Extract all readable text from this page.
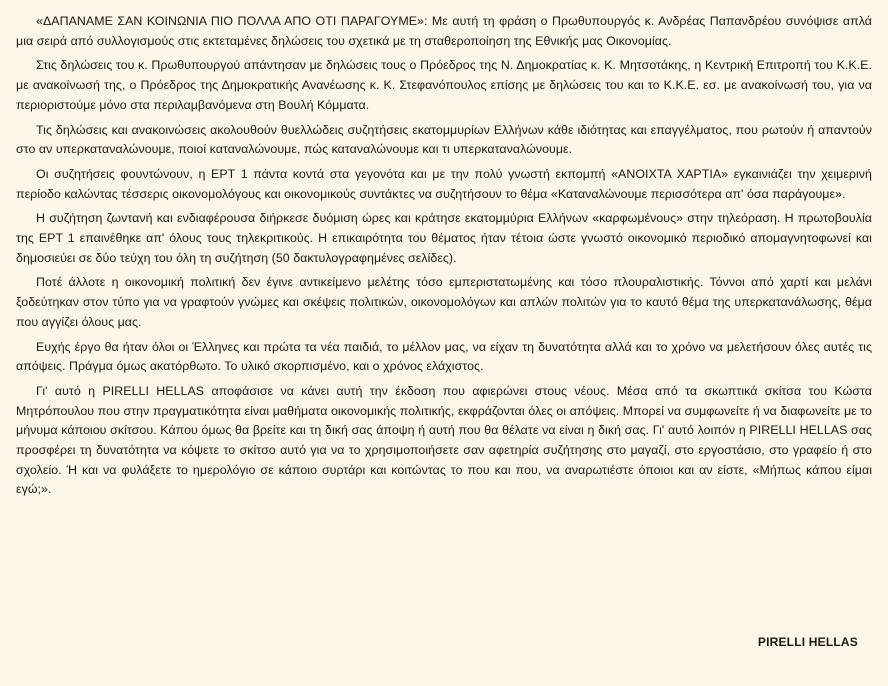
«ΔΑΠΑΝΑΜΕ ΣΑΝ ΚΟΙΝΩΝΙΑ ΠΙΟ ΠΟΛΛΑ ΑΠΟ ΟΤΙ ΠΑΡΑΓΟΥΜΕ»: Με αυτή τη φράση ο Πρωθυπουργός κ. Ανδρέας Παπανδρέου συνόψισε απλά μια σειρά από συλλογισμούς στις εκτεταμένες δηλώσεις του σχετικά με τη σταθεροποίηση της Εθνικής μας Οικονομίας.

Στις δηλώσεις του κ. Πρωθυπουργού απάντησαν με δηλώσεις τους ο Πρόεδρος της Ν. Δημοκρατίας κ. Κ. Μητσοτάκης, η Κεντρική Επιτροπή του Κ.Κ.Ε. με ανακοίνωσή της, ο Πρόεδρος της Δημοκρατικής Ανανέωσης κ. Κ. Στεφανόπουλος επίσης με δηλώσεις του και το Κ.Κ.Ε. εσ. με ανακοίνωσή του, για να περιοριστούμε μόνο στα περιλαμβανόμενα στη Βουλή Κόμματα.

Τις δηλώσεις και ανακοινώσεις ακολουθούν θυελλώδεις συζητήσεις εκατομμυρίων Ελλήνων κάθε ιδιότητας και επαγγέλματος, που ρωτούν ή απαντούν στο αν υπερκαταναλώνουμε, ποιοί καταναλώνουμε, πώς καταναλώνουμε και τι υπερκαταναλώνουμε.

Οι συζητήσεις φουντώνουν, η ΕΡΤ 1 πάντα κοντά στα γεγονότα και με την πολύ γνωστή εκπομπή «ΑΝΟΙΧΤΑ ΧΑΡΤΙΑ» εγκαινιάζει την χειμερινή περίοδο καλώντας τέσσερις οικονομολόγους και οικονομικούς συντάκτες να συζητήσουν το θέμα «Καταναλώνουμε περισσότερα απ' όσα παράγουμε».

Η συζήτηση ζωντανή και ενδιαφέρουσα διήρκεσε δυόμιση ώρες και κράτησε εκατομμύρια Ελλήνων «καρφωμένους» στην τηλεόραση. Η πρωτοβουλία της ΕΡΤ 1 επαινέθηκε απ' όλους τους τηλεκριτικούς. Η επικαιρότητα του θέματος ήταν τέτοια ώστε γνωστό οικονομικό περιοδικό απομαγνητοφωνεί και δημοσιεύει σε δύο τεύχη του όλη τη συζήτηση (50 δακτυλογραφημένες σελίδες).

Ποτέ άλλοτε η οικονομική πολιτική δεν έγινε αντικείμενο μελέτης τόσο εμπεριστατωμένης και τόσο πλουραλιστικής. Τόννοι από χαρτί και μελάνι ξοδεύτηκαν στον τύπο για να γραφτούν γνώμες και σκέψεις πολιτικών, οικονομολόγων και απλών πολιτών για το καυτό θέμα της υπερκατανάλωσης, θέμα που αγγίζει όλους μας.

Ευχής έργο θα ήταν όλοι οι Έλληνες και πρώτα τα νέα παιδιά, το μέλλον μας, να είχαν τη δυνατότητα αλλά και το χρόνο να μελετήσουν όλες αυτές τις απόψεις. Πράγμα όμως ακατόρθωτο. Το υλικό σκορπισμένο, και ο χρόνος ελάχιστος.

Γι' αυτό η PIRELLI HELLAS αποφάσισε να κάνει αυτή την έκδοση που αφιερώνει στους νέους. Μέσα από τα σκωπτικά σκίτσα του Κώστα Μητρόπουλου που στην πραγματικότητα είναι μαθήματα οικονομικής πολιτικής, εκφράζονται όλες οι απόψεις. Μπορεί να συμφωνείτε ή να διαφωνείτε με το μήνυμα κάποιου σκίτσου. Κάπου όμως θα βρείτε και τη δική σας άποψη ή αυτή που θα θέλατε να είναι η δική σας. Γι' αυτό λοιπόν η PIRELLI HELLAS σας προσφέρει τη δυνατότητα να κόψετε το σκίτσο αυτό για να το χρησιμοποιήσετε σαν αφετηρία συζήτησης στο μαγαζί, στο εργοστάσιο, στο γραφείο ή στο σχολείο. Ή και να φυλάξετε το ημερολόγιο σε κάποιο συρτάρι και κοιτώντας το που και που, να αναρωτιέστε όποιοι και αν είστε, «Μήπως κάπου είμαι εγώ;».

PIRELLI HELLAS
